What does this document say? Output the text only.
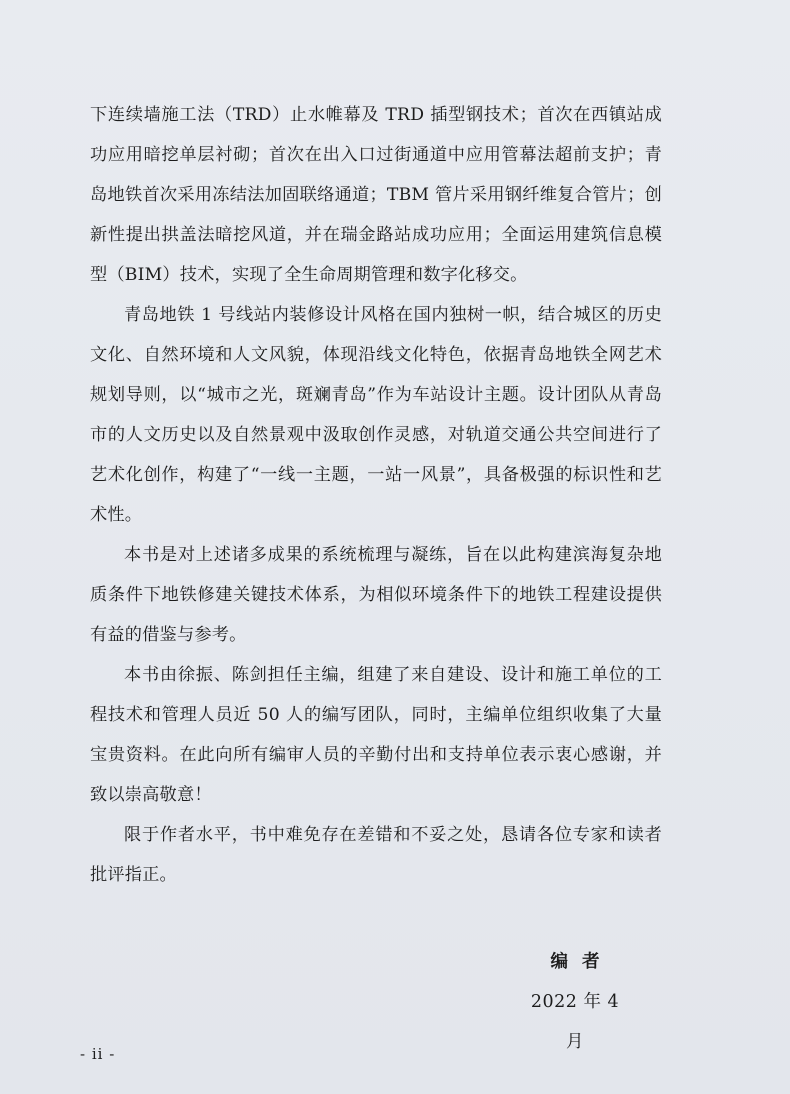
下连续墙施工法（TRD）止水帷幕及 TRD 插型钢技术；首次在西镇站成功应用暗挖单层衬砌；首次在出入口过街通道中应用管幕法超前支护；青岛地铁首次采用冻结法加固联络通道；TBM 管片采用钢纤维复合管片；创新性提出拱盖法暗挖风道，并在瑞金路站成功应用；全面运用建筑信息模型（BIM）技术，实现了全生命周期管理和数字化移交。

青岛地铁 1 号线站内装修设计风格在国内独树一帜，结合城区的历史文化、自然环境和人文风貌，体现沿线文化特色，依据青岛地铁全网艺术规划导则，以“城市之光，斑斓青岛”作为车站设计主题。设计团队从青岛市的人文历史以及自然景观中汲取创作灵感，对轨道交通公共空间进行了艺术化创作，构建了“一线一主题，一站一风景”，具备极强的标识性和艺术性。

本书是对上述诸多成果的系统梳理与凝练，旨在以此构建滨海复杂地质条件下地铁修建关键技术体系，为相似环境条件下的地铁工程建设提供有益的借鉴与参考。

本书由徐振、陈剑担任主编，组建了来自建设、设计和施工单位的工程技术和管理人员近 50 人的编写团队，同时，主编单位组织收集了大量宝贵资料。在此向所有编审人员的辛勤付出和支持单位表示衷心感谢，并致以崇高敬意！

限于作者水平，书中难免存在差错和不妥之处，恳请各位专家和读者批评指正。

编者
2022 年 4 月
- ii -
